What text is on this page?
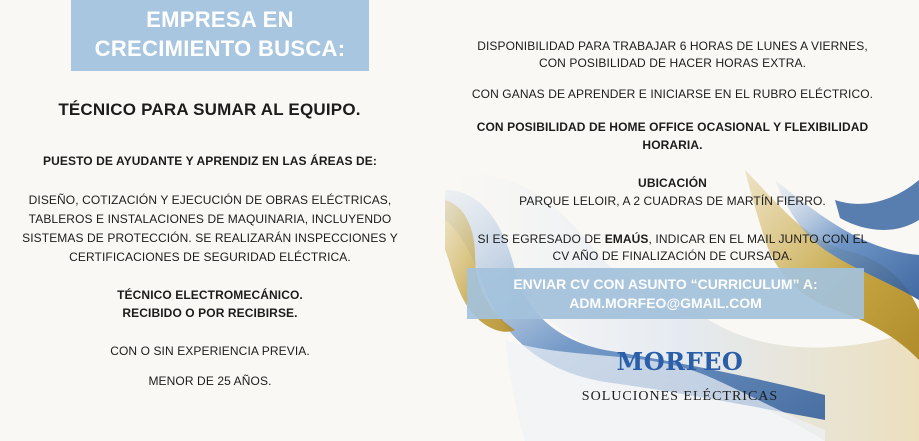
EMPRESA EN
CRECIMIENTO BUSCA:
TÉCNICO PARA SUMAR AL EQUIPO.
PUESTO DE AYUDANTE Y APRENDIZ EN LAS ÁREAS DE:
DISEÑO, COTIZACIÓN Y EJECUCIÓN DE OBRAS ELÉCTRICAS,
TABLEROS E INSTALACIONES DE MAQUINARIA, INCLUYENDO
SISTEMAS DE PROTECCIÓN. SE REALIZARÁN INSPECCIONES Y
CERTIFICACIONES DE SEGURIDAD ELÉCTRICA.
TÉCNICO ELECTROMECÁNICO.
RECIBIDO O POR RECIBIRSE.
CON O SIN EXPERIENCIA PREVIA.
MENOR DE 25 AÑOS.
DISPONIBILIDAD PARA TRABAJAR 6 HORAS DE LUNES A VIERNES,
CON POSIBILIDAD DE HACER HORAS EXTRA.
CON GANAS DE APRENDER E INICIARSE EN EL RUBRO ELÉCTRICO.
CON POSIBILIDAD DE HOME OFFICE OCASIONAL Y FLEXIBILIDAD
HORARIA.
UBICACIÓN
PARQUE LELOIR, A 2 CUADRAS DE MARTÍN FIERRO.
SI ES EGRESADO DE EMAÚS, INDICAR EN EL MAIL JUNTO CON EL
CV AÑO DE FINALIZACIÓN DE CURSADA.
ENVIAR CV CON ASUNTO “CURRICULUM” A:
ADM.MORFEO@GMAIL.COM
MORFEO
SOLUCIONES ELÉCTRICAS
